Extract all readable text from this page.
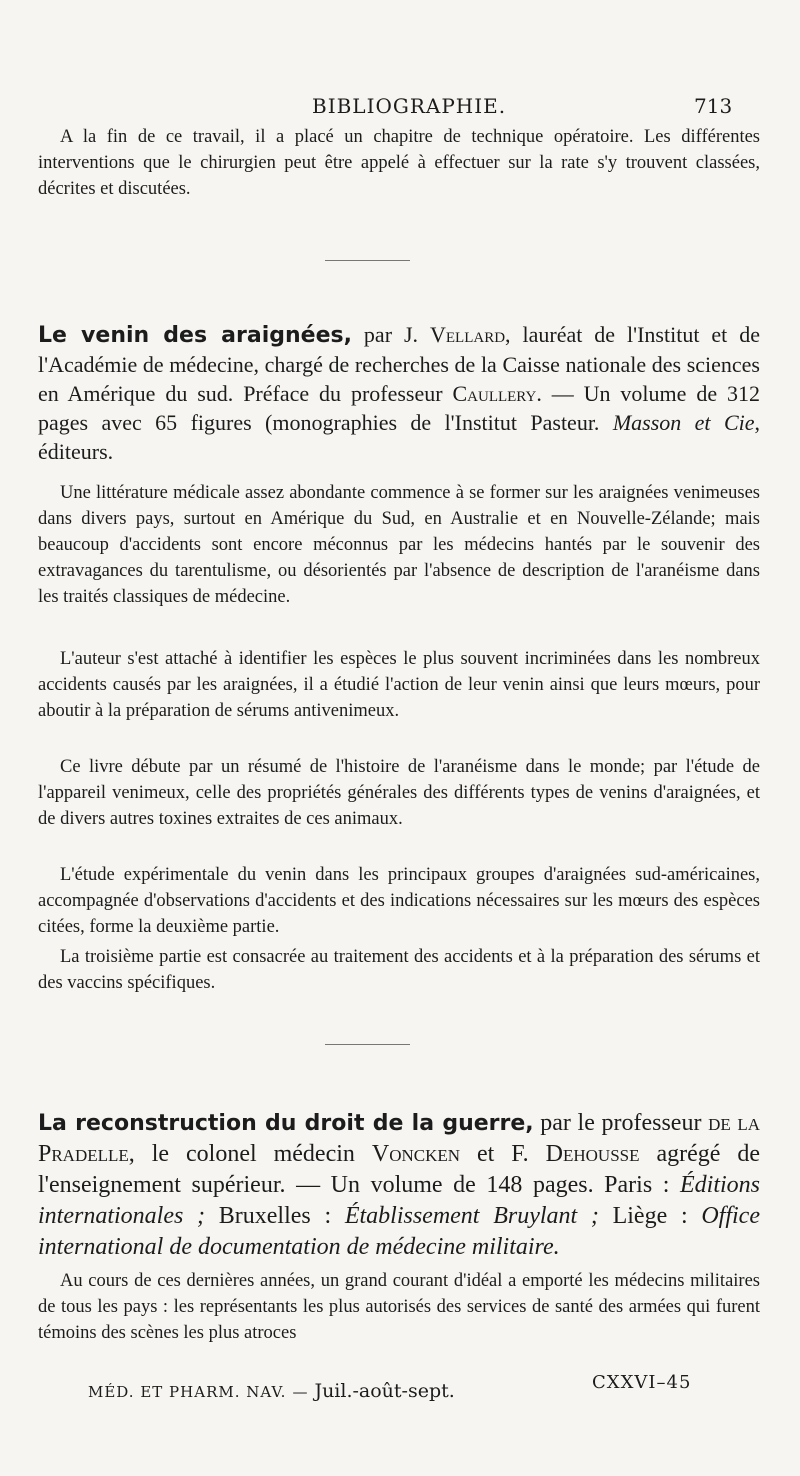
BIBLIOGRAPHIE.	713

A la fin de ce travail, il a placé un chapitre de technique opératoire. Les différentes interventions que le chirurgien peut être appelé à effectuer sur la rate s'y trouvent classées, décrites et discutées.

Le venin des araignées, par J. Vellard, lauréat de l'Institut et de l'Académie de médecine, chargé de recherches de la Caisse nationale des sciences en Amérique du sud. Préface du professeur Caullery. — Un volume de 312 pages avec 65 figures (monographies de l'Institut Pasteur. Masson et Cie, éditeurs.

Une littérature médicale assez abondante commence à se former sur les araignées venimeuses dans divers pays, surtout en Amérique du Sud, en Australie et en Nouvelle-Zélande; mais beaucoup d'accidents sont encore méconnus par les médecins hantés par le souvenir des extravagances du tarentulisme, ou désorientés par l'absence de description de l'aranéisme dans les traités classiques de médecine.

L'auteur s'est attaché à identifier les espèces le plus souvent incriminées dans les nombreux accidents causés par les araignées, il a étudié l'action de leur venin ainsi que leurs mœurs, pour aboutir à la préparation de sérums antivenimeux.

Ce livre débute par un résumé de l'histoire de l'aranéisme dans le monde; par l'étude de l'appareil venimeux, celle des propriétés générales des différents types de venins d'araignées, et de divers autres toxines extraites de ces animaux.

L'étude expérimentale du venin dans les principaux groupes d'araignées sud-américaines, accompagnée d'observations d'accidents et des indications nécessaires sur les mœurs des espèces citées, forme la deuxième partie.

La troisième partie est consacrée au traitement des accidents et à la préparation des sérums et des vaccins spécifiques.

La reconstruction du droit de la guerre, par le professeur de la Pradelle, le colonel médecin Voncken et F. Dehousse agrégé de l'enseignement supérieur. — Un volume de 148 pages. Paris : Éditions internationales ; Bruxelles : Établissement Bruylant ; Liège : Office international de documentation de médecine militaire.

Au cours de ces dernières années, un grand courant d'idéal a emporté les médecins militaires de tous les pays : les représentants les plus autorisés des services de santé des armées qui furent témoins des scènes les plus atroces

MÉD. ET PHARM. NAV. — Juil.-août-sept.	CXXVI–45
